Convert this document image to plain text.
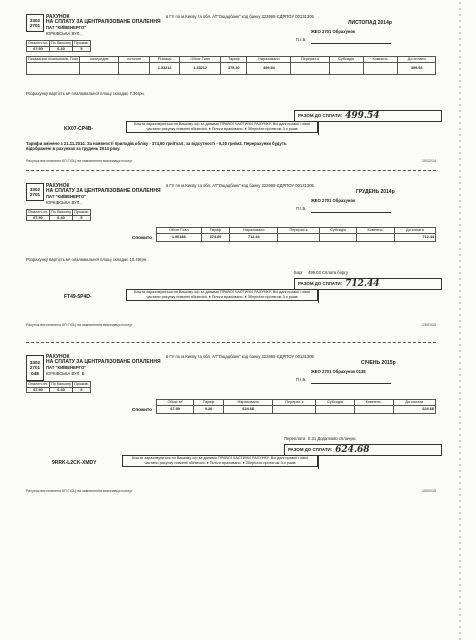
3302
2701
РАХУНОК
НА СПЛАТУ ЗА ЦЕНТРАЛІЗОВАНЕ ОПАЛЕННЯ
ПАТ "КИЇВЕНЕРГО"
ЮРКІВСЬКА ВУЛ.,
в ГУ по м.Києву та обл. АТ"Ощадбанк" код банку 322669 ЄДРПОУ 00131305
ЛИСТОПАД 2014р
ЖЕО 2701 Обрахунок
П.І.Б.
Опален.пл.	По балкону	Прожив.
67.90	6.40	5
Показання лічильників, Гкал	попереднє	поточне	Різниця	Обсяг Гкал	Тариф	Нараховано	Перерах-к	Субсидія	Компенс.	До сплати
			1.33212	1.33212	375.30	499.94				499.94
Розрахунку вартість м² опалювальної площі складає 7.36грн.
РАЗОМ ДО СПЛАТИ: 499.54
KX07-CP4B-
Кошти зараховуються по Вашому о/р за даними ПРАВОЇ ЧАСТИНИ РАХУНКУ. Всі дані правої і лівої
частини рахунку повинні збігатися. ♦ Пільги враховано. ♦ Зберігати протягом 3-х років
Тарифи змінено з 21.11.2014. За наявності приладів обліку - 374,60 грн/Гкал; за відсутності - 9,20 грн/м2. Перерахунки будуть
відображені в рахунках за грудень 2014 року.
Рахунок виготовлено КП ГІОЦ на замовлення виконавця послуг	10/12/14
3302
2701
РАХУНОК
НА СПЛАТУ ЗА ЦЕНТРАЛІЗОВАНЕ ОПАЛЕННЯ
ПАТ "КИЇВЕНЕРГО"
ЮРКІВСЬКА ВУЛ.,
в ГУ по м.Києву та обл. АТ"Ощадбанк" код банку 322669 ЄДРПОУ 00131305
ГРУДЕНЬ 2014р
ЖЕО 2701 Обрахунок
П.І.Б.
Опален.пл.	По балкону	Прожив.
67.90	6.40	5
Спожито
Обсяг Гкал	Тариф	Нараховано	Перерах-к	Субсидія	Компенс.	До сплати
1.90188	374.60	712.44				712.44
Розрахунку вартість м² опалювальної площі складає 10.49грн.
Борг 499.03 Сплата боргу
РАЗОМ ДО СПЛАТИ: 712.44
FT49-5P4D-
Кошти зараховуються по Вашому о/р за даними ПРАВОЇ ЧАСТИНИ РАХУНКУ. Всі дані правої і лівої
частини рахунку повинні збігатися. ♦ Пільги враховано. ♦ Зберігати протягом 3-х років
Рахунок виготовлено КП ГІОЦ на замовлення виконавця послуг	13/01/15
3302
2701
048
РАХУНОК
НА СПЛАТУ ЗА ЦЕНТРАЛІЗОВАНЕ ОПАЛЕННЯ
ПАТ "КИЇВЕНЕРГО"
ЮРКІВСЬКА ВУЛ. Б
в ГУ по м.Києву та обл. АТ"Ощадбанк" код банку 322669 ЄДРПОУ 00131305
СІЧЕНЬ 2015р
ЖЕО 2701 Обрахунок 0138
П.І.Б.
Опален.пл.	По балкону	Прожив.
67.90	6.40	5
Спожито
Обсяг м²	Тариф	Нараховано	Перерах-к	Субсидія	Компенс.	До сплати
67.90	9.20	624.68				624.68
Переплата 0.31 Додатково сплачую:
РАЗОМ ДО СПЛАТИ: 624.68
9RRK-L2CK-XMDY
Кошти зараховуються по Вашому о/р за даними ПРАВОЇ ЧАСТИНИ РАХУНКУ. Всі дані правої і лівої
частини рахунку повинні збігатися. ♦ Пільги враховано. ♦ Зберігати протягом 3-х років
Рахунок виготовлено КП ГІОЦ на замовлення виконавця послуг	10/02/15
